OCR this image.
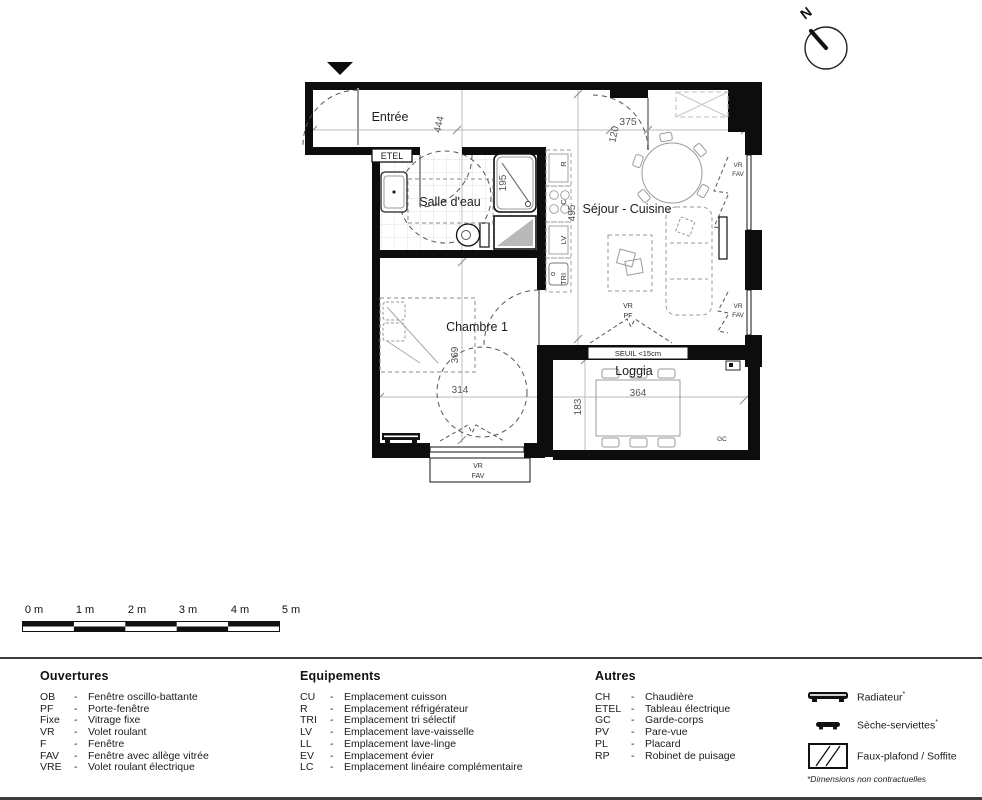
N
Entrée
Salle d'eau	Séjour - Cuisine
Chambre 1
Loggia
444
120
375
495
195
369
314
183
364
ETEL
SEUIL <15cm
GC
R
C
LV
TRI
VR
FAV
VR
FAV
VR
PF
VR
FAV
0 m	1 m	2 m	3 m	4 m	5 m
Ouvertures
OB	-	Fenêtre oscillo-battante
PF	-	Porte-fenêtre
Fixe	-	Vitrage fixe
VR	-	Volet roulant
F	-	Fenêtre
FAV	-	Fenêtre avec allège vitrée
VRE	-	Volet roulant électrique
Equipements
CU	-	Emplacement cuisson
R	-	Emplacement réfrigérateur
TRI	-	Emplacement tri sélectif
LV	-	Emplacement lave-vaisselle
LL	-	Emplacement lave-linge
EV	-	Emplacement évier
LC	-	Emplacement linéaire complémentaire
Autres
CH	-	Chaudière
ETEL -	Tableau électrique
GC	-	Garde-corps
PV	-	Pare-vue
PL	-	Placard
RP	-	Robinet de puisage
Radiateur*
Sèche-serviettes*
Faux-plafond / Soffite
*Dimensions non contractuelles
